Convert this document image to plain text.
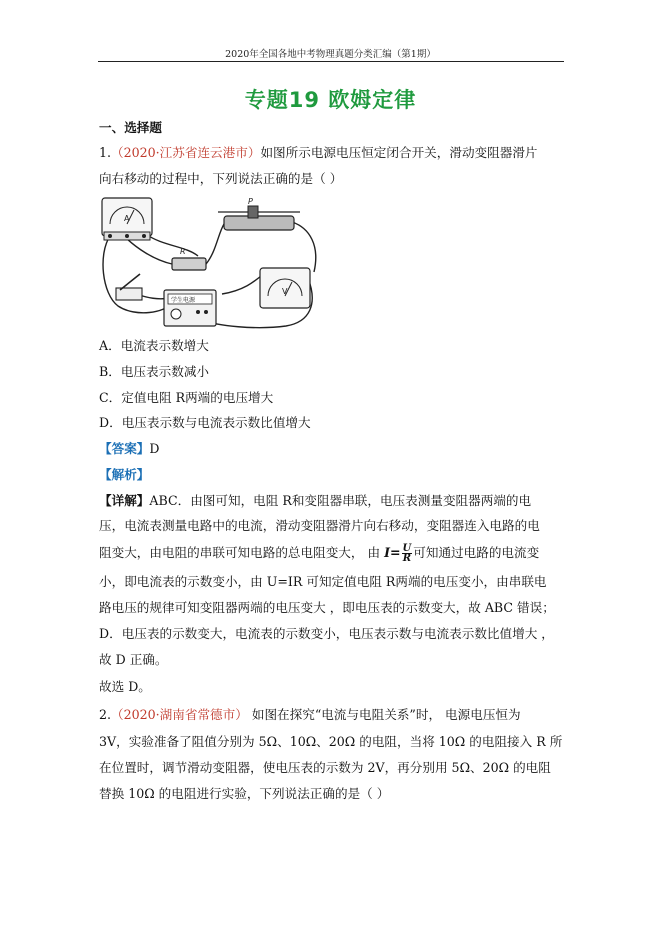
2020年全国各地中考物理真题分类汇编（第1期）
专题19 欧姆定律
一、选择题
1.（2020·江苏省连云港市）如图所示电源电压恒定闭合开关，滑动变阻器滑片
向右移动的过程中，下列说法正确的是（ ）
A
P
R
学生电源
V
A．电流表示数增大
B．电压表示数减小
C．定值电阻 R两端的电压增大
D．电压表示数与电流表示数比值增大
【答案】D
【解析】
【详解】ABC．由图可知，电阻 R和变阻器串联，电压表测量变阻器两端的电
压，电流表测量电路中的电流，滑动变阻器滑片向右移动，变阻器连入电路的电
阻变大，由电阻的串联可知电路的总电阻变大， 由 $I= \frac{U}{R}$ 可知通过电路的电流变
小，即电流表的示数变小，由 U=IR 可知定值电阻 R两端的电压变小，由串联电
路电压的规律可知变阻器两端的电压变大 ，即电压表的示数变大，故 ABC 错误；
D．电压表的示数变大，电流表的示数变小，电压表示数与电流表示数比值增大 ，
故 D 正确。
故选 D。
2.（2020·湖南省常德市） 如图在探究“电流与电阻关系”时， 电源电压恒为
3V，实验准备了阻值分别为 5Ω、10Ω、20Ω 的电阻，当将 10Ω 的电阻接入 R 所
在位置时，调节滑动变阻器，使电压表的示数为 2V，再分别用 5Ω、20Ω 的电阻
替换 10Ω 的电阻进行实验，下列说法正确的是（ ）
